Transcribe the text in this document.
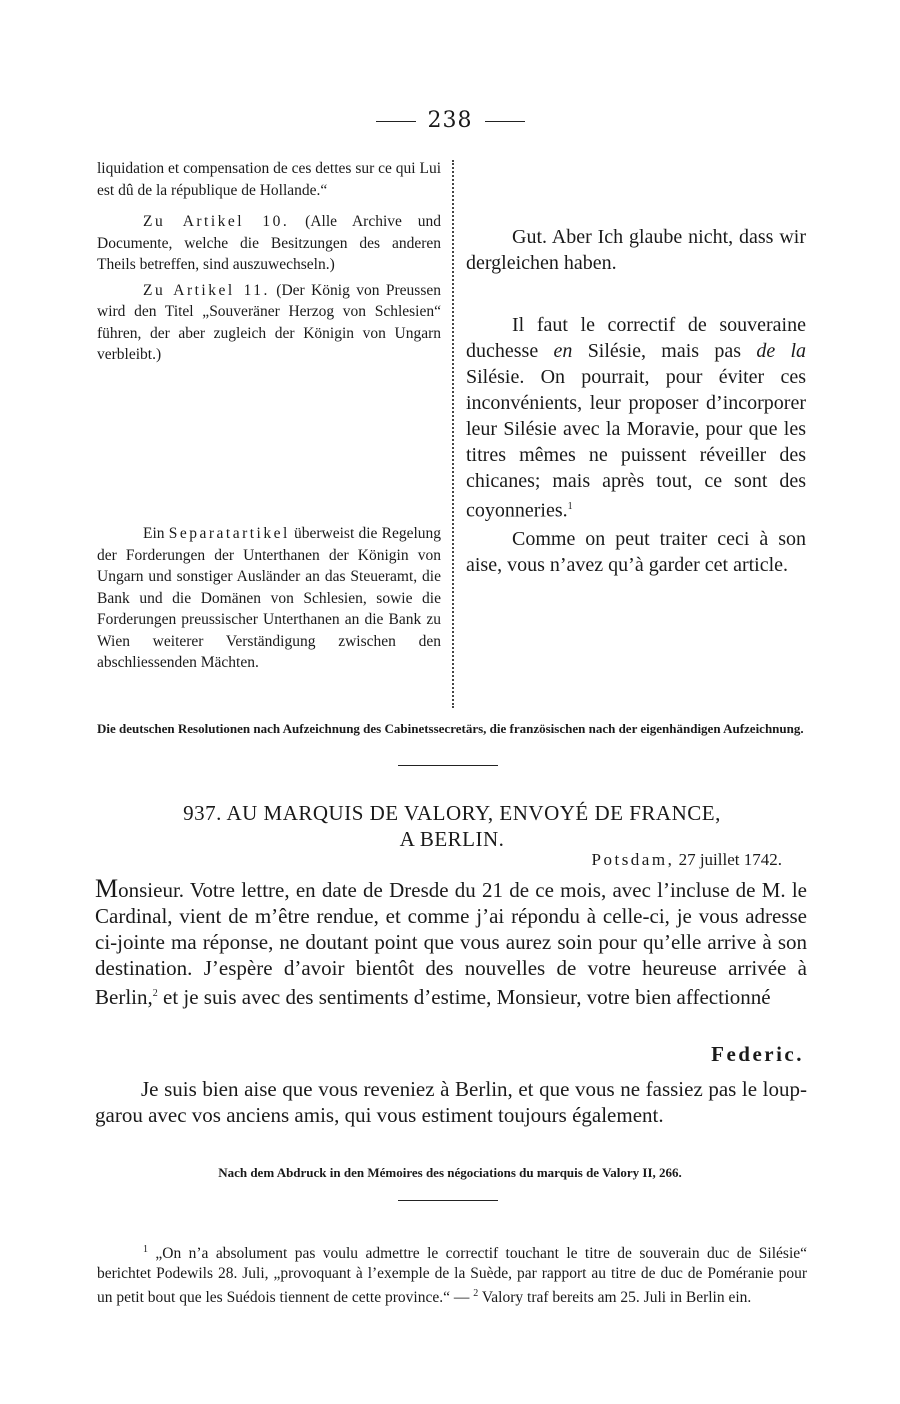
238

liquidation et compensation de ces dettes sur ce qui Lui est dû de la république de Hollande.“

Zu Artikel 10. (Alle Archive und Documente, welche die Besitzungen des anderen Theils betreffen, sind auszuwechseln.)

Zu Artikel 11. (Der König von Preussen wird den Titel „Souveräner Herzog von Schlesien“ führen, der aber zugleich der Königin von Ungarn verbleibt.)

Ein Separatartikel überweist die Regelung der Forderungen der Unterthanen der Königin von Ungarn und sonstiger Ausländer an das Steueramt, die Bank und die Domänen von Schlesien, sowie die Forderungen preussischer Unterthanen an die Bank zu Wien weiterer Verständigung zwischen den abschliessenden Mächten.

Gut. Aber Ich glaube nicht, dass wir dergleichen haben.

Il faut le correctif de souveraine duchesse en Silésie, mais pas de la Silésie. On pourrait, pour éviter ces inconvénients, leur proposer d’incorporer leur Silésie avec la Moravie, pour que les titres mêmes ne puissent réveiller des chicanes; mais après tout, ce sont des coyonneries.$^1$

Comme on peut traiter ceci à son aise, vous n’avez qu’à garder cet article.

Die deutschen Resolutionen nach Aufzeichnung des Cabinetssecretärs, die französischen nach der eigenhändigen Aufzeichnung.
937. AU MARQUIS DE VALORY, ENVOYÉ DE FRANCE,
A BERLIN.
Potsdam, 27 juillet 1742.

Monsieur. Votre lettre, en date de Dresde du 21 de ce mois, avec l’incluse de M. le Cardinal, vient de m’être rendue, et comme j’ai répondu à celle-ci, je vous adresse ci-jointe ma réponse, ne doutant point que vous aurez soin pour qu’elle arrive à son destination. J’espère d’avoir bientôt des nouvelles de votre heureuse arrivée à Berlin,$^2$ et je suis avec des sentiments d’estime, Monsieur, votre bien affectionné

Federic.

Je suis bien aise que vous reveniez à Berlin, et que vous ne fassiez pas le loup-garou avec vos anciens amis, qui vous estiment toujours également.

Nach dem Abdruck in den Mémoires des négociations du marquis de Valory II, 266.

$^1$ „On n’a absolument pas voulu admettre le correctif touchant le titre de souverain duc de Silésie“ berichtet Podewils 28. Juli, „provoquant à l’exemple de la Suède, par rapport au titre de duc de Poméranie pour un petit bout que les Suédois tiennent de cette province.“ — $^2$ Valory traf bereits am 25. Juli in Berlin ein.
